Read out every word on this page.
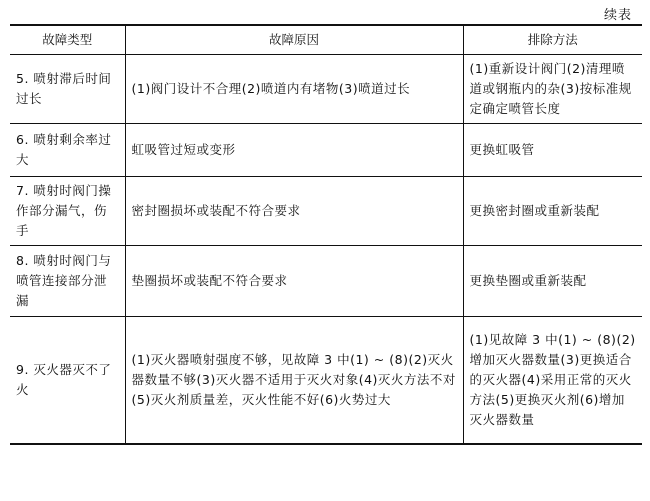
续表
故障类型	故障原因	排除方法
5. 喷射滞后时间过长	(1)阀门设计不合理(2)喷道内有堵物(3)喷道过长	(1)重新设计阀门(2)清理喷道或钢瓶内的杂(3)按标准规定确定喷管长度
6. 喷射剩余率过大	虹吸管过短或变形	更换虹吸管
7. 喷射时阀门操作部分漏气，伤手	密封圈损坏或装配不符合要求	更换密封圈或重新装配
8. 喷射时阀门与喷管连接部分泄漏	垫圈损坏或装配不符合要求	更换垫圈或重新装配
9. 灭火器灭不了火	(1)灭火器喷射强度不够，见故障 3 中(1) ~ (8)(2)灭火器数量不够(3)灭火器不适用于灭火对象(4)灭火方法不对(5)灭火剂质量差，灭火性能不好(6)火势过大	(1)见故障 3 中(1) ~ (8)(2)增加灭火器数量(3)更换适合的灭火器(4)采用正常的灭火方法(5)更换灭火剂(6)增加灭火器数量
